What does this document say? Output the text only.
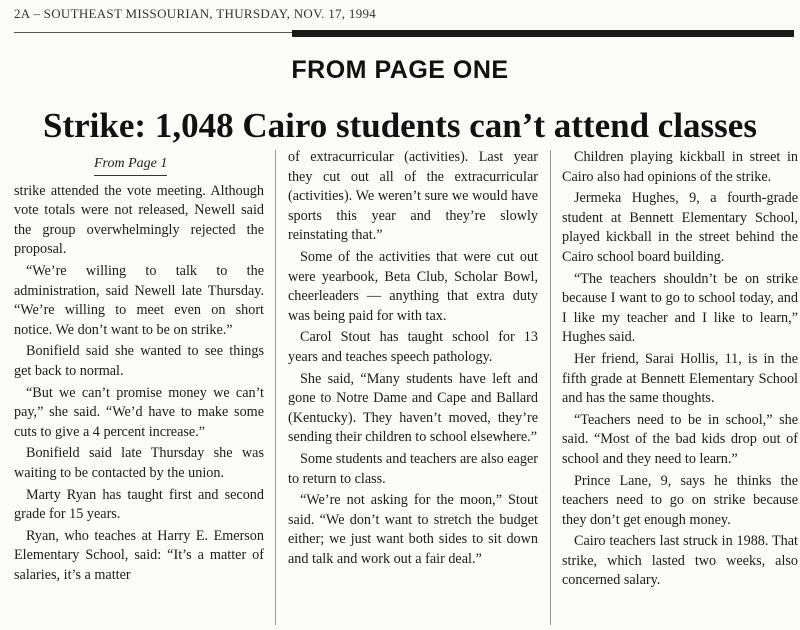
2A – SOUTHEAST MISSOURIAN, THURSDAY, NOV. 17, 1994
FROM PAGE ONE
Strike: 1,048 Cairo students can’t attend classes
From Page 1

strike attended the vote meeting. Although vote totals were not released, Newell said the group overwhelmingly rejected the proposal.

“We’re willing to talk to the administration, said Newell late Thursday. “We’re willing to meet even on short notice. We don’t want to be on strike.”

Bonifield said she wanted to see things get back to normal.

“But we can’t promise money we can’t pay,” she said. “We’d have to make some cuts to give a 4 percent increase.”

Bonifield said late Thursday she was waiting to be contacted by the union.

Marty Ryan has taught first and second grade for 15 years.

Ryan, who teaches at Harry E. Emerson Elementary School, said: “It’s a matter of salaries, it’s a matter

of extracurricular (activities). Last year they cut out all of the extracurricular (activities). We weren’t sure we would have sports this year and they’re slowly reinstating that.”

Some of the activities that were cut out were yearbook, Beta Club, Scholar Bowl, cheerleaders — anything that extra duty was being paid for with tax.

Carol Stout has taught school for 13 years and teaches speech pathology.

She said, “Many students have left and gone to Notre Dame and Cape and Ballard (Kentucky). They haven’t moved, they’re sending their children to school elsewhere.”

Some students and teachers are also eager to return to class.

“We’re not asking for the moon,” Stout said. “We don’t want to stretch the budget either; we just want both sides to sit down and talk and work out a fair deal.”

Children playing kickball in street in Cairo also had opinions of the strike.

Jermeka Hughes, 9, a fourth-grade student at Bennett Elementary School, played kickball in the street behind the Cairo school board building.

“The teachers shouldn’t be on strike because I want to go to school today, and I like my teacher and I like to learn,” Hughes said.

Her friend, Sarai Hollis, 11, is in the fifth grade at Bennett Elementary School and has the same thoughts.

“Teachers need to be in school,” she said. “Most of the bad kids drop out of school and they need to learn.”

Prince Lane, 9, says he thinks the teachers need to go on strike because they don’t get enough money.

Cairo teachers last struck in 1988. That strike, which lasted two weeks, also concerned salary.
